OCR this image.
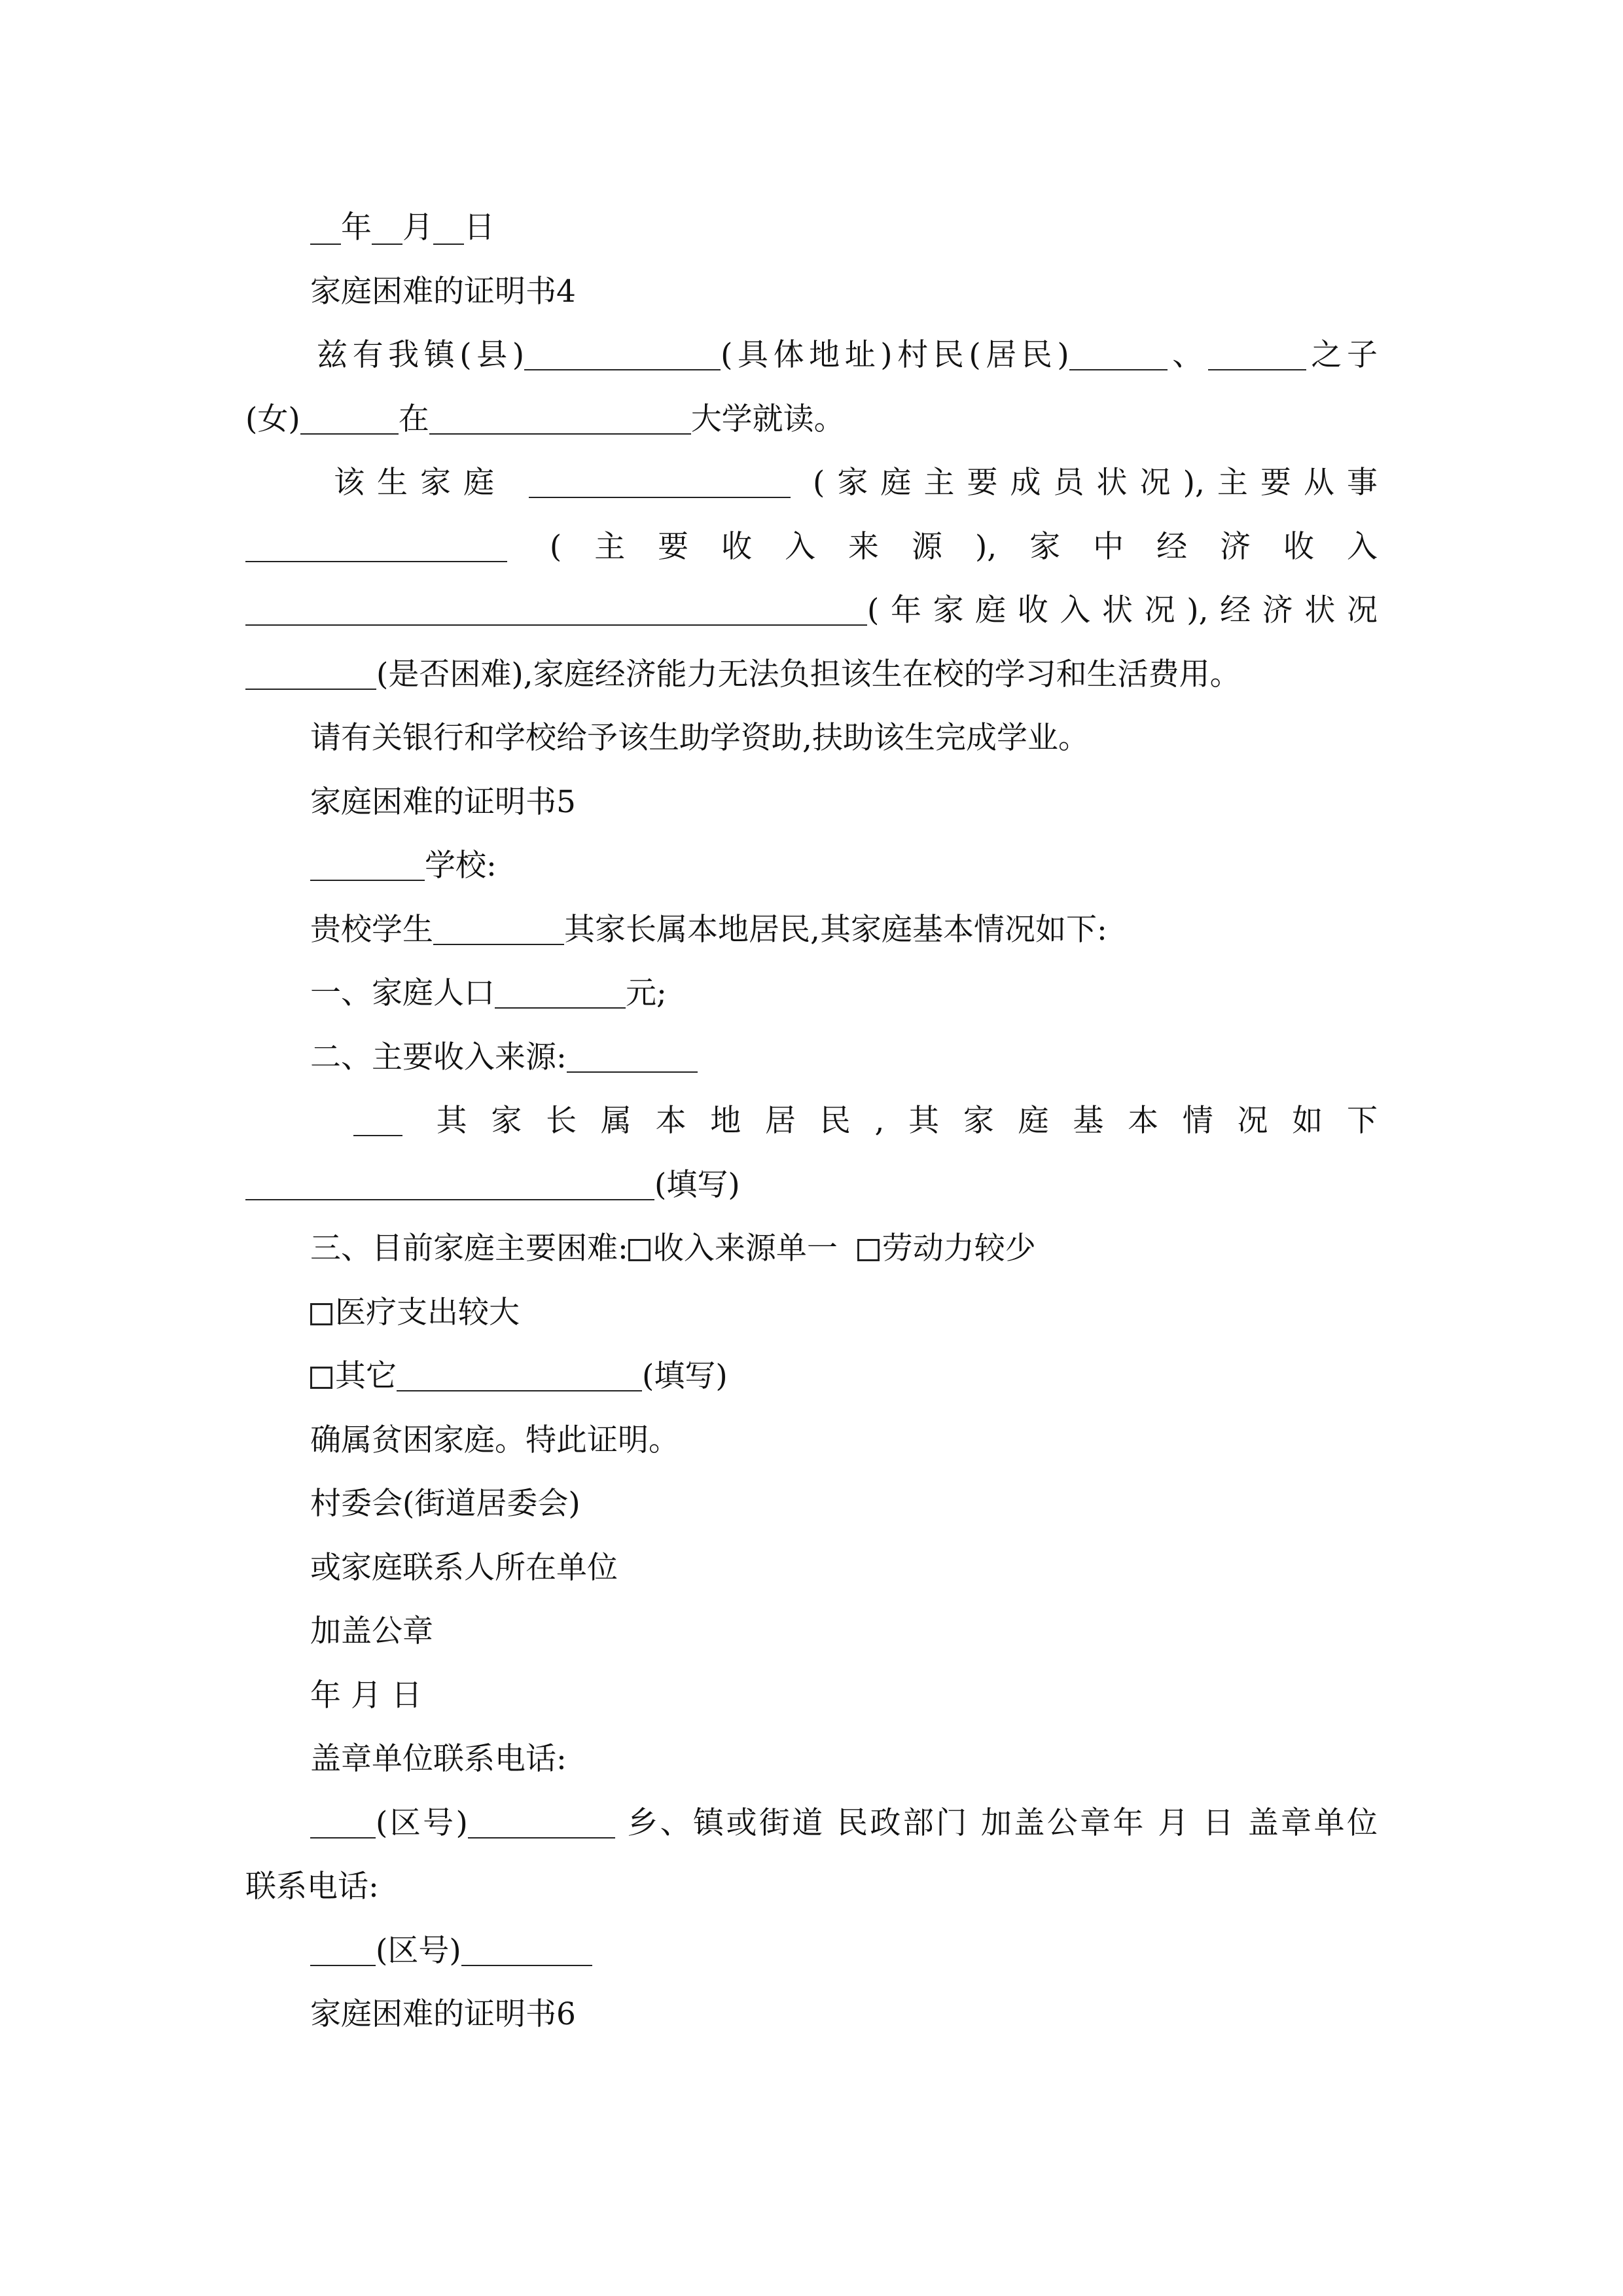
__年__月__日
家庭困难的证明书4
兹有我镇(县)	(具体地址)村民(居民)	、	之子
(女)	在	大学就读。
该生家庭	(家庭主要成员状况),主要从事
(主要收入来源),家中经济收入
(年家庭收入状况),经济状况
(是否困难),家庭经济能力无法负担该生在校的学习和生活费用。
请有关银行和学校给予该生助学资助,扶助该生完成学业。
家庭困难的证明书5
学校:
贵校学生	其家长属本地居民,其家庭基本情况如下:
一、家庭人口	元;
二、主要收入来源:
其家长属本地居民,其家庭基本情况如下
(填写)
三、目前家庭主要困难: 收入来源单一 劳动力较少
医疗支出较大
其它	(填写)
确属贫困家庭。特此证明。
村委会(街道居委会)
或家庭联系人所在单位
加盖公章
年 月 日
盖章单位联系电话:
(区号)	乡、镇或街道 民政部门 加盖公章年 月 日 盖章单位
联系电话:
(区号)
家庭困难的证明书6
